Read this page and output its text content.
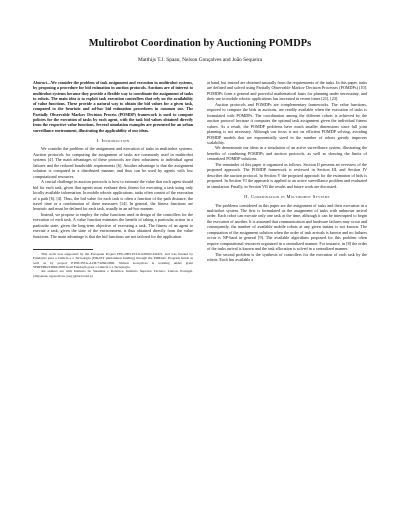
Multirobot Coordination by Auctioning POMDPs
Matthijs T.J. Spaan, Nelson Gonçalves and João Sequeira

Abstract—We consider the problem of task assignment and execution in multirobot systems, by proposing a procedure for bid estimation in auction protocols. Auctions are of interest to multirobot systems because they provide a flexible way to coordinate the assignment of tasks to robots. The main idea is to exploit task execution controllers that rely on the availability of value functions. These provide a natural way to obtain the bid values for a given task, compared to the heuristic and ad-hoc bid estimation procedures in common use. The Partially Observable Markov Decision Process (POMDP) framework is used to compute policies for the execution of tasks by each agent, with the task bid values obtained directly from the respective value functions. Several simulation examples are presented for an urban surveillance environment, illustrating the applicability of our ideas.

I. Introduction

We consider the problem of the assignment and execution of tasks in multirobot systems. Auction protocols for computing the assignment of tasks are commonly used in multirobot systems [4]. The main advantages of these protocols are their robustness to individual agent failures and the reduced bandwidth requirements [6]. Another advantage is that the assignment solution is computed in a distributed manner, and thus can be used by agents with low computational resources.

A crucial challenge in auction protocols is how to estimate the value that each agent should bid for each task, given that agents must evaluate their fitness for executing a task using only locally available information. In mobile robotic applications, tasks often consist of the execution of a path [6], [4]. Thus, the bid value for each task is often a function of the path distance, the travel time or a combination of these measures [14]. In general, the fitness functions are heuristic and must be defined for each task, usually in an ad-hoc manner.

Instead, we propose to employ the value functions used in design of the controllers for the execution of each task. A value function estimates the benefit of taking a particular action in a particular state, given the long-term objective of executing a task. The fitness of an agent to execute a task, given the state of the environment, is thus obtained directly from the value functions. The main advantage is that the bid functions are not tailored for the application

This work was supported by the European Project FP6-2005-IST-6-045062-URUS, and was funded by Fundação para a Ciência e a Tecnologia (ISR/IST pluriannual funding) through the PIDDAC Program funds as well as by project PTDC/EEA-ACR/73266/2006. Nelson Gonçalves is working under grant SFRH/BD/23804/2005 from Fundação para a Ciência e a Tecnologia.

All authors are with Instituto de Sistemas e Robótica, Instituto Superior Técnico, Lisbon, Portugal. {mtjspaan, ngoncalves, jseq}@isr.ist.utl.pt

at hand, but instead are obtained naturally from the requirements of the tasks. In this paper, tasks are defined and solved using Partially Observable Markov Decision Processes (POMDPs) [10]. POMDPs form a general and powerful mathematical basis for planning under uncertainty, and their use in mobile robotic applications has increased in recent times [21], [23].

Auction protocols and POMDPs are complementary frameworks. The value functions, required to compute the bids in auctions, are readily available when the execution of tasks is formulated with POMDPs. The coordination among the different robots is achieved by the auction protocol because it computes the optimal task assignment given the individual fitness values. As a result, the POMDP problems have much smaller dimensions since full joint planning is not necessary. Although our focus is not on efficient POMDP solving, avoiding POMDP models that are exponentially sized in the number of robots greatly improves scalability.

We demonstrate our ideas in a simulation of an active surveillance system, illustrating the benefits of combining POMDPs and auction protocols, as well as showing the limits of centralized POMDP solutions.

The remainder of this paper is organized as follows. Section II presents an overview of the proposed approach. The POMDP framework is reviewed in Section III, and Section IV describes the auction protocol. In Section V the proposed approach for the estimation of bids is proposed. In Section VI the approach is applied to an active surveillance problem and evaluated in simulation. Finally, in Section VII the results and future work are discussed.

II. Coordination in Multirobot Systems

The problems considered in this paper are the assignment of tasks and their execution in a multirobot system. The first is formulated as the assignment of tasks with unknown arrival order. Each robot can execute only one task at the time, although it can be interrupted to begin the execution of another. It is assumed that communication and hardware failures may occur and consequently, the number of available mobile robots at any given instant is not known. The computation of the assignment solution when the order of task arrivals is known and no failures occur is NP-hard in general [9]. The available algorithms proposed for this problem often require computational resources organized in a centralized manner. For instance, in [8] the order of the tasks arrival is known and the task allocation is solved in a centralized manner.

The second problem is the synthesis of controllers for the execution of each task by the robots. Each has available a
